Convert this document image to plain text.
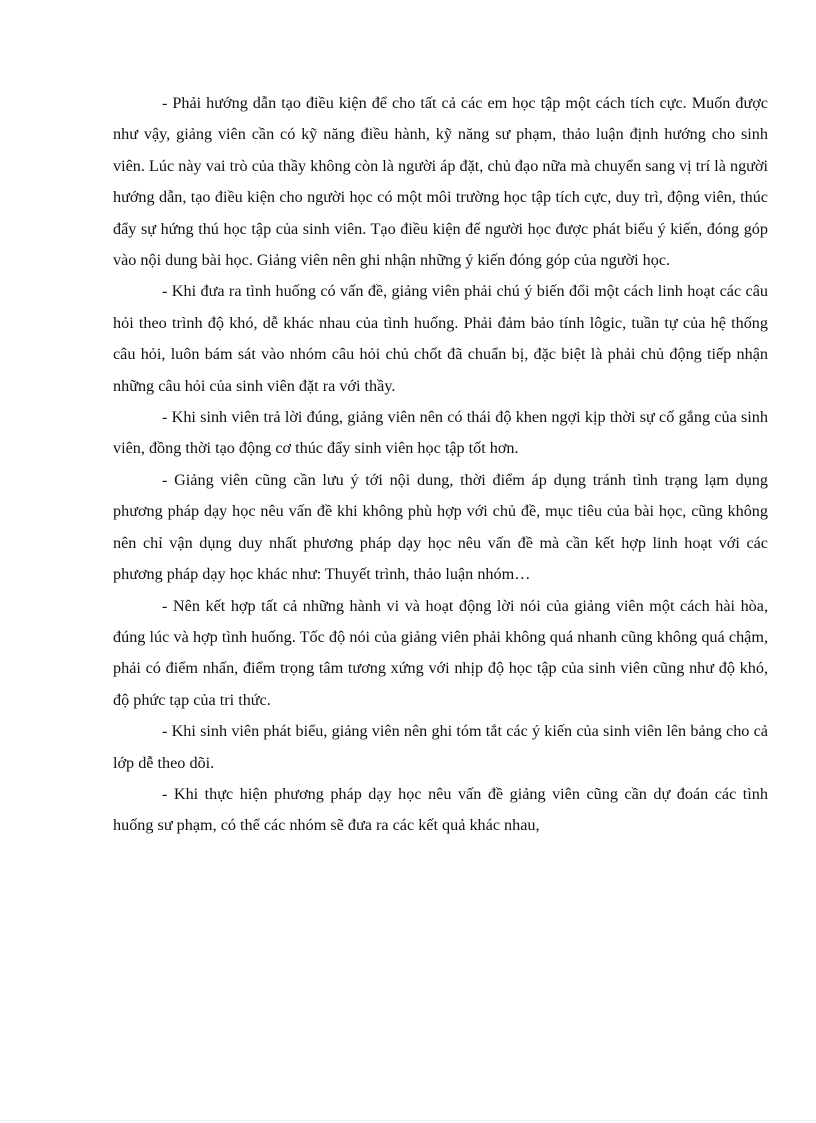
- Phải hướng dẫn tạo điều kiện để cho tất cả các em học tập một cách tích cực. Muốn được như vậy, giảng viên cần có kỹ năng điều hành, kỹ năng sư phạm, thảo luận định hướng cho sinh viên. Lúc này vai trò của thầy không còn là người áp đặt, chủ đạo nữa mà chuyển sang vị trí là người hướng dẫn, tạo điều kiện cho người học có một môi trường học tập tích cực, duy trì, động viên, thúc đẩy sự hứng thú học tập của sinh viên. Tạo điều kiện để người học được phát biểu ý kiến, đóng góp vào nội dung bài học. Giảng viên nên ghi nhận những ý kiến đóng góp của người học.

- Khi đưa ra tình huống có vấn đề, giảng viên phải chú ý biến đổi một cách linh hoạt các câu hỏi theo trình độ khó, dễ khác nhau của tình huống. Phải đảm bảo tính lôgic, tuần tự của hệ thống câu hỏi, luôn bám sát vào nhóm câu hỏi chủ chốt đã chuẩn bị, đặc biệt là phải chủ động tiếp nhận những câu hỏi của sinh viên đặt ra với thầy.

- Khi sinh viên trả lời đúng, giảng viên nên có thái độ khen ngợi kịp thời sự cố gắng của sinh viên, đồng thời tạo động cơ thúc đẩy sinh viên học tập tốt hơn.

- Giảng viên cũng cần lưu ý tới nội dung, thời điểm áp dụng tránh tình trạng lạm dụng phương pháp dạy học nêu vấn đề khi không phù hợp với chủ đề, mục tiêu của bài học, cũng không nên chỉ vận dụng duy nhất phương pháp dạy học nêu vấn đề mà cần kết hợp linh hoạt với các phương pháp dạy học khác như: Thuyết trình, thảo luận nhóm…

- Nên kết hợp tất cả những hành vi và hoạt động lời nói của giảng viên một cách hài hòa, đúng lúc và hợp tình huống. Tốc độ nói của giảng viên phải không quá nhanh cũng không quá chậm, phải có điểm nhấn, điểm trọng tâm tương xứng với nhịp độ học tập của sinh viên cũng như độ khó, độ phức tạp của tri thức.

- Khi sinh viên phát biểu, giảng viên nên ghi tóm tắt các ý kiến của sinh viên lên bảng cho cả lớp dễ theo dõi.

- Khi thực hiện phương pháp dạy học nêu vấn đề giảng viên cũng cần dự đoán các tình huống sư phạm, có thể các nhóm sẽ đưa ra các kết quả khác nhau,
